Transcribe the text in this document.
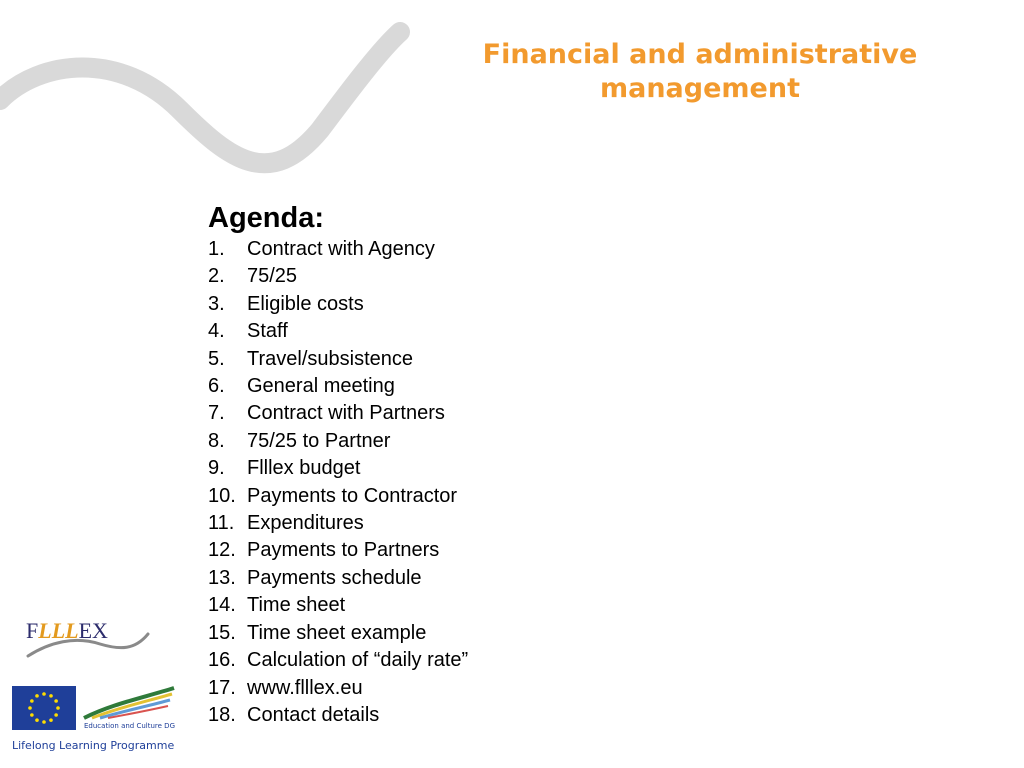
Financial and administrative
management
Agenda:
1. Contract with Agency
2. 75/25
3. Eligible costs
4. Staff
5. Travel/subsistence
6. General meeting
7. Contract with Partners
8. 75/25 to Partner
9. Flllex budget
10. Payments to Contractor
11. Expenditures
12. Payments to Partners
13. Payments schedule
14. Time sheet
15. Time sheet example
16. Calculation of “daily rate”
17. www.flllex.eu
18. Contact details
FLLLEX
Education and Culture DG
Lifelong Learning Programme
